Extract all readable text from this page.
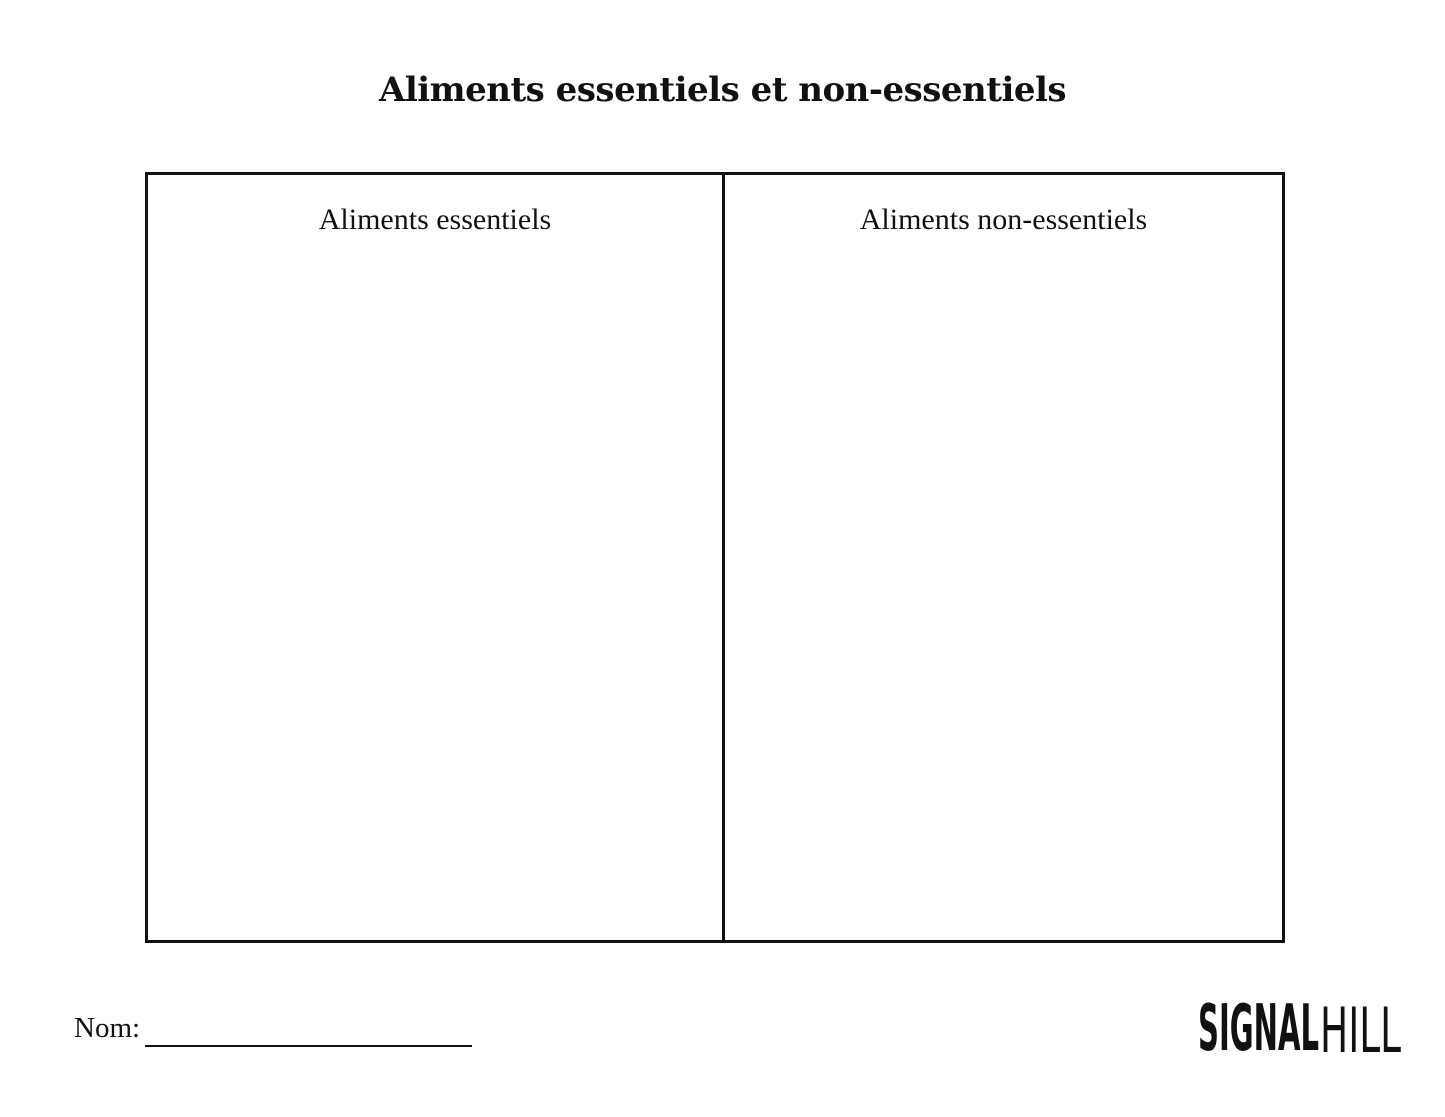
Aliments essentiels et non-essentiels
Aliments essentiels	Aliments non-essentiels
Nom:	SIGNAL HILL
